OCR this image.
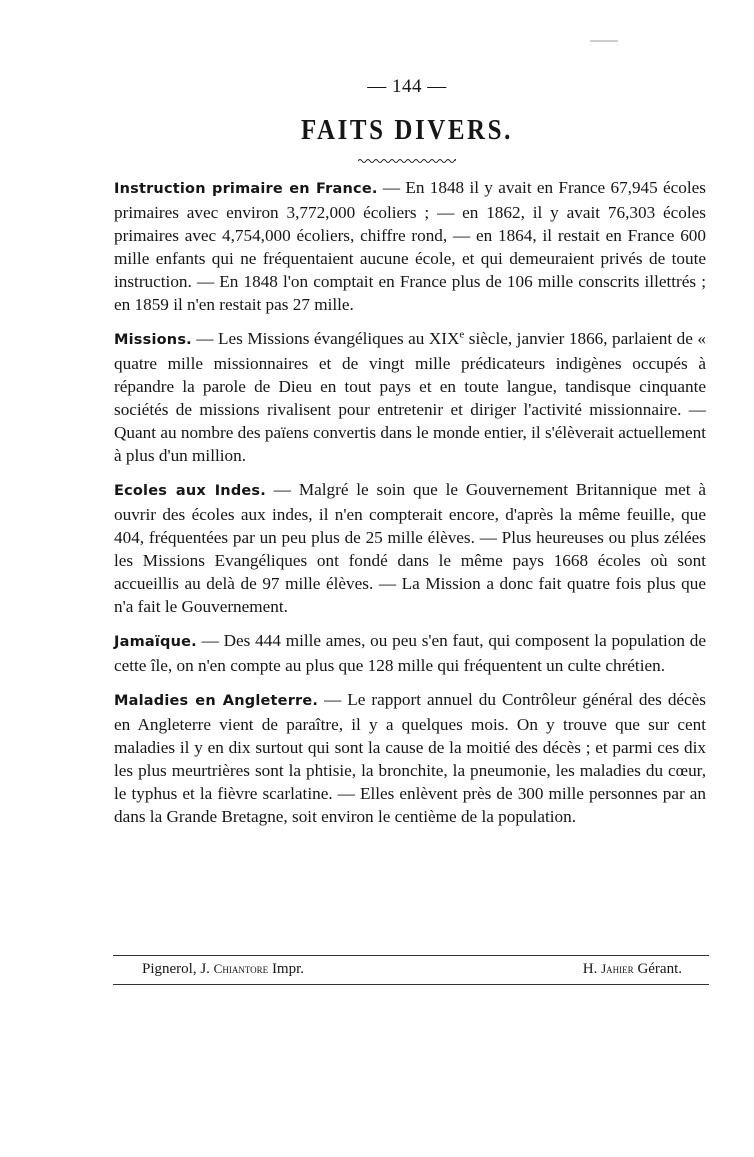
— 144 —
FAITS DIVERS.

Instruction primaire en France. — En 1848 il y avait en France 67,945 écoles primaires avec environ 3,772,000 écoliers ; — en 1862, il y avait 76,303 écoles primaires avec 4,754,000 écoliers, chiffre rond, — en 1864, il restait en France 600 mille enfants qui ne fréquentaient aucune école, et qui demeuraient privés de toute instruction. — En 1848 l'on comptait en France plus de 106 mille conscrits illettrés ; en 1859 il n'en restait pas 27 mille.

Missions. — Les Missions évangéliques au XIXe siècle, janvier 1866, parlaient de « quatre mille missionnaires et de vingt mille prédicateurs indigènes occupés à répandre la parole de Dieu en tout pays et en toute langue, tandisque cinquante sociétés de missions rivalisent pour entretenir et diriger l'activité missionnaire. — Quant au nombre des païens convertis dans le monde entier, il s'élèverait actuellement à plus d'un million.

Ecoles aux Indes. — Malgré le soin que le Gouvernement Britannique met à ouvrir des écoles aux indes, il n'en compterait encore, d'après la même feuille, que 404, fréquentées par un peu plus de 25 mille élèves. — Plus heureuses ou plus zélées les Missions Evangéliques ont fondé dans le même pays 1668 écoles où sont accueillis au delà de 97 mille élèves. — La Mission a donc fait quatre fois plus que n'a fait le Gouvernement.

Jamaïque. — Des 444 mille ames, ou peu s'en faut, qui composent la population de cette île, on n'en compte au plus que 128 mille qui fréquentent un culte chrétien.

Maladies en Angleterre. — Le rapport annuel du Contrôleur général des décès en Angleterre vient de paraître, il y a quelques mois. On y trouve que sur cent maladies il y en dix surtout qui sont la cause de la moitié des décès ; et parmi ces dix les plus meurtrières sont la phtisie, la bronchite, la pneumonie, les maladies du cœur, le typhus et la fièvre scarlatine. — Elles enlèvent près de 300 mille personnes par an dans la Grande Bretagne, soit environ le centième de la population.

Pignerol, J. Chiantore Impr.	H. Jahier Gérant.
